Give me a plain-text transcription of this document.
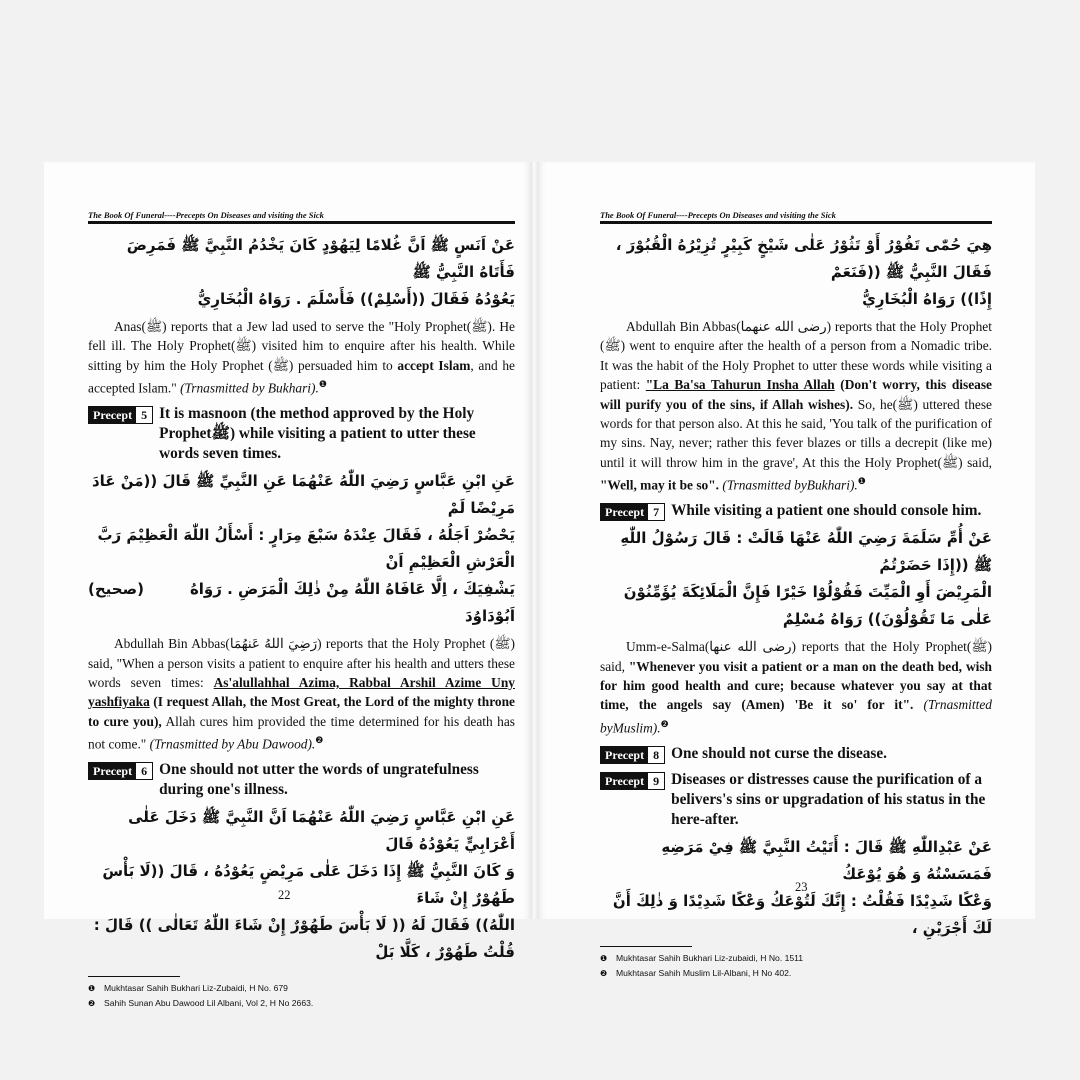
The Book Of Funeral----Precepts On Diseases and visiting the Sick
عَنْ اَنَسٍ ﷺ اَنَّ غُلامًا لِيَهُوْدٍ كَانَ يَخْدُمُ النَّبِيَّ ﷺ فَمَرِضَ فَأَتَاهُ النَّبِيُّ ﷺ
يَعُوْدُهُ فَقَالَ ((أَسْلِمْ)) فَأَسْلَمَ . رَوَاهُ الْبُخَارِيُّ

Anas(ﷺ) reports that a Jew lad used to serve the "Holy Prophet(ﷺ). He fell ill. The Holy Prophet(ﷺ) visited him to enquire after his health. While sitting by him the Holy Prophet (ﷺ) persuaded him to accept Islam, and he accepted Islam." (Trnasmitted by Bukhari).$^❶$

Precept 5 It is masnoon (the method approved by the Holy Prophetﷺ) while visiting a patient to utter these words seven times.
عَنِ ابْنِ عَبَّاسٍ رَضِيَ اللّٰهُ عَنْهُمَا عَنِ النَّبِيِّ ﷺ قَالَ ((مَنْ عَادَ مَرِيْضًا لَمْ
يَحْضُرْ اَجَلُهُ ، فَقَالَ عِنْدَهُ سَبْعَ مِرَارٍ : أَسْأَلُ اللّٰهَ الْعَظِيْمَ رَبَّ الْعَرْشِ الْعَظِيْمِ اَنْ
يَشْفِيَكَ ، اِلَّا عَافَاهُ اللّٰهُ مِنْ ذٰلِكَ الْمَرَضِ . رَوَاهُ اَبُوْدَاوُدَ
(صحيح)

Abdullah Bin Abbas(رَضِيَ اللهُ عَنهُمَا) reports that the Holy Prophet (ﷺ) said, "When a person visits a patient to enquire after his health and utters these words seven times: As'alullahhal Azima, Rabbal Arshil Azime Uny yashfiyaka (I request Allah, the Most Great, the Lord of the mighty throne to cure you), Allah cures him provided the time determined for his death has not come." (Trnasmitted by Abu Dawood).$^❷$

Precept 6 One should not utter the words of ungratefulness during one's illness.
عَنِ ابْنِ عَبَّاسٍ رَضِيَ اللّٰهُ عَنْهُمَا اَنَّ النَّبِيَّ ﷺ دَخَلَ عَلٰى أَعْرَابِيٍّ يَعُوْدُهُ قَالَ
وَ كَانَ النَّبِيُّ ﷺ إِذَا دَخَلَ عَلٰى مَرِيْضٍ يَعُوْدُهُ ، قَالَ ((لَا بَأْسَ طَهُوْرٌ إِنْ شَاءَ
اللّٰهُ)) فَقَالَ لَهُ (( لَا بَأْسَ طَهُوْرٌ إِنْ شَاءَ اللّٰهُ تَعَالٰى )) قَالَ : قُلْتُ طَهُوْرٌ ، كَلَّا بَلْ
❶ Mukhtasar Sahih Bukhari Liz-Zubaidi, H No. 679
❷ Sahih Sunan Abu Dawood Lil Albani, Vol 2, H No 2663.
22
The Book Of Funeral----Precepts On Diseases and visiting the Sick
هِيَ حُمّٰى تَفُوْرُ أَوْ تَثُوْرُ عَلٰى شَيْخٍ كَبِيْرٍ تُزِيْرُهُ الْقُبُوْرَ ، فَقَالَ النَّبِيُّ ﷺ ((فَنَعَمْ
إِذًا)) رَوَاهُ الْبُخَارِيُّ

Abdullah Bin Abbas(رضی الله عنهما) reports that the Holy Prophet (ﷺ) went to enquire after the health of a person from a Nomadic tribe. It was the habit of the Holy Prophet to utter these words while visiting a patient: "La Ba'sa Tahurun Insha Allah (Don't worry, this disease will purify you of the sins, if Allah wishes). So, he(ﷺ) uttered these words for that person also. At this he said, 'You talk of the purification of my sins. Nay, never; rather this fever blazes or tills a decrepit (like me) until it will throw him in the grave', At this the Holy Prophet(ﷺ) said, "Well, may it be so". (Trnasmitted byBukhari).$^❶$

Precept 7 While visiting a patient one should console him.
عَنْ أُمِّ سَلَمَةَ رَضِيَ اللّٰهُ عَنْهَا قَالَتْ : قَالَ رَسُوْلُ اللّٰهِ ﷺ ((إِذَا حَضَرْتُمُ
الْمَرِيْضَ أَوِ الْمَيِّتَ فَقُوْلُوْا خَيْرًا فَإِنَّ الْمَلَائِكَةَ يُؤَمِّنُوْنَ عَلٰى مَا تَقُوْلُوْنَ)) رَوَاهُ مُسْلِمٌ

Umm-e-Salma(رضی الله عنها) reports that the Holy Prophet(ﷺ) said, "Whenever you visit a patient or a man on the death bed, wish for him good health and cure; because whatever you say at that time, the angels say (Amen) 'Be it so' for it". (Trnasmitted byMuslim).$^❷$

Precept 8 One should not curse the disease.
Precept 9 Diseases or distresses cause the purification of a belivers's sins or upgradation of his status in the here-after.
عَنْ عَبْدِاللّٰهِ ﷺ قَالَ : أَتَيْتُ النَّبِيَّ ﷺ فِيْ مَرَضِهِ فَمَسَسْتُهُ وَ هُوَ يُوْعَكُ
وَعْكًا شَدِيْدًا فَقُلْتُ : إِنَّكَ لَتُوْعَكُ وَعْكًا شَدِيْدًا وَ ذٰلِكَ أَنَّ لَكَ أَجْرَيْنِ ،
❶ Mukhtasar Sahih Bukhari Liz-zubaidi, H No. 1511
❷ Mukhtasar Sahih Muslim Lil-Albani, H No 402.
23
